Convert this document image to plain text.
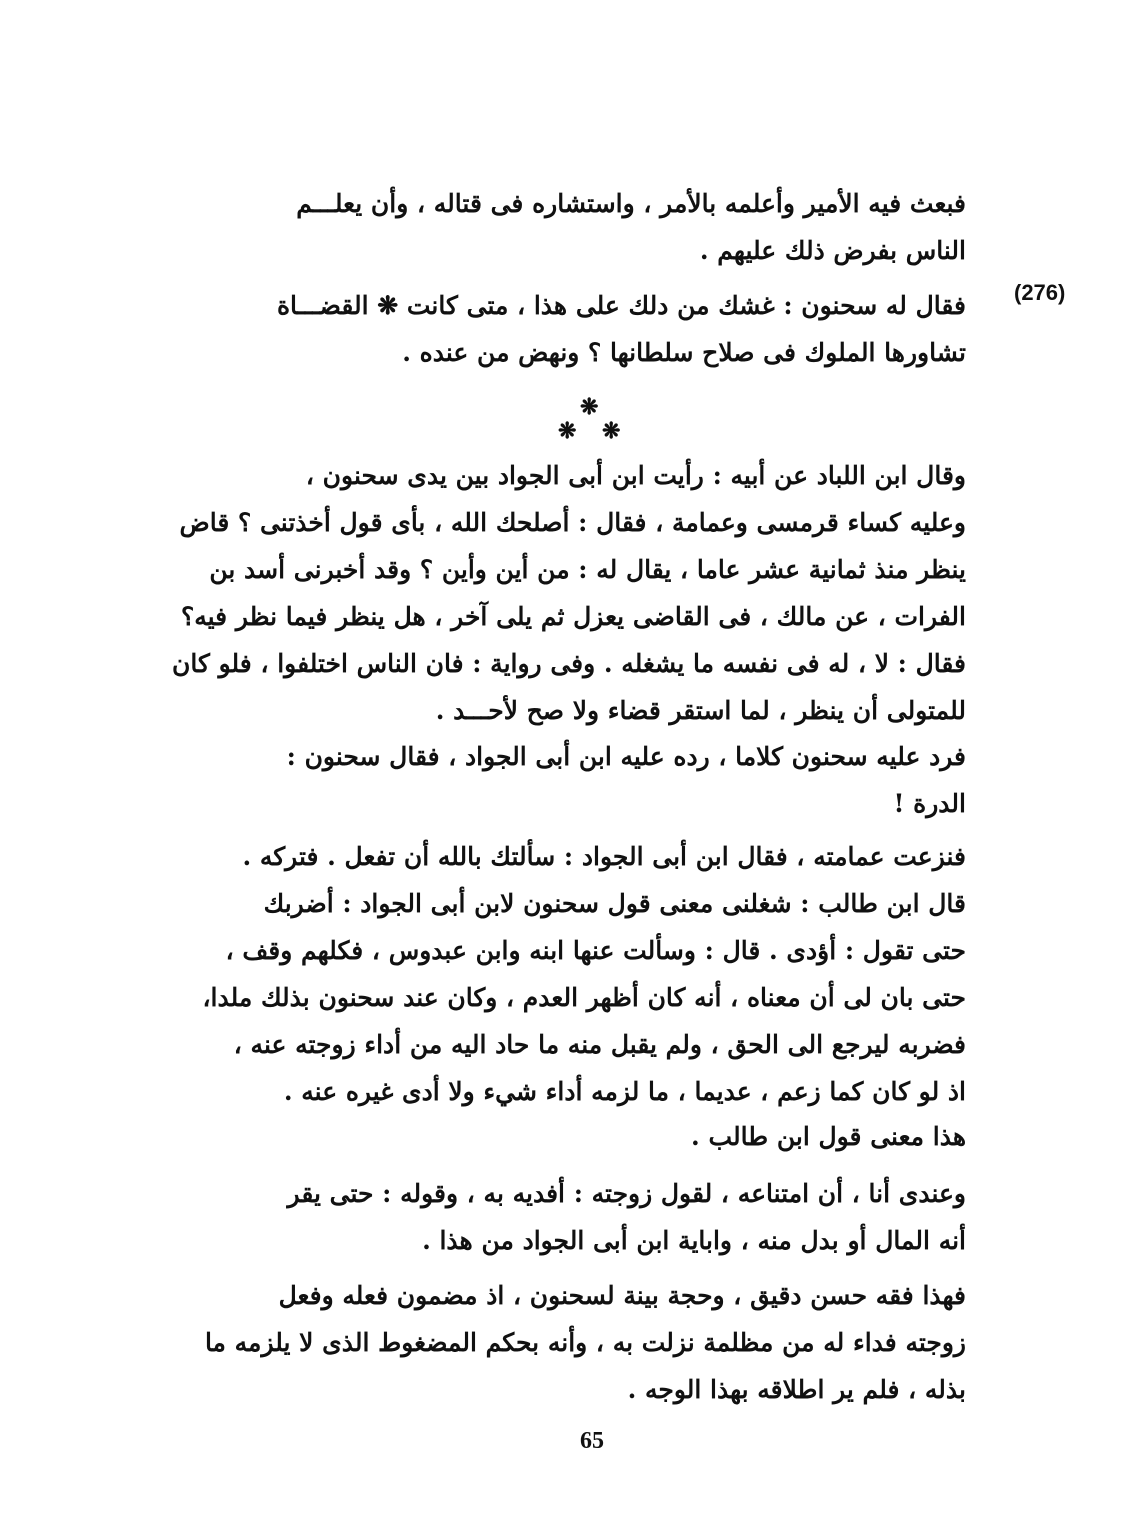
(276)
فبعث فيه الأمير وأعلمه بالأمر ، واستشاره فى قتاله ، وأن يعلـــم
الناس بفرض ذلك عليهم .
فقال له سحنون : غشك من دلك على هذا ، متى كانت ❋ القضـــاة
تشاورها الملوك فى صلاح سلطانها ؟ ونهض من عنده .
❋
❋ ❋
وقال ابن اللباد عن أبيه : رأيت ابن أبى الجواد بين يدى سحنون ،
وعليه كساء قرمسى وعمامة ، فقال : أصلحك الله ، بأى قول أخذتنى ؟ قاض
ينظر منذ ثمانية عشر عاما ، يقال له : من أين وأين ؟ وقد أخبرنى أسد بن
الفرات ، عن مالك ، فى القاضى يعزل ثم يلى آخر ، هل ينظر فيما نظر فيه؟
فقال : لا ، له فى نفسه ما يشغله . وفى رواية : فان الناس اختلفوا ، فلو كان
للمتولى أن ينظر ، لما استقر قضاء ولا صح لأحـــد .
فرد عليه سحنون كلاما ، رده عليه ابن أبى الجواد ، فقال سحنون :
الدرة !
فنزعت عمامته ، فقال ابن أبى الجواد : سألتك بالله أن تفعل . فتركه .
قال ابن طالب : شغلنى معنى قول سحنون لابن أبى الجواد : أضربك
حتى تقول : أؤدى . قال : وسألت عنها ابنه وابن عبدوس ، فكلهم وقف ،
حتى بان لى أن معناه ، أنه كان أظهر العدم ، وكان عند سحنون بذلك ملدا،
فضربه ليرجع الى الحق ، ولم يقبل منه ما حاد اليه من أداء زوجته عنه ،
اذ لو كان كما زعم ، عديما ، ما لزمه أداء شيء ولا أدى غيره عنه .
هذا معنى قول ابن طالب .
وعندى أنا ، أن امتناعه ، لقول زوجته : أفديه به ، وقوله : حتى يقر
أنه المال أو بدل منه ، واباية ابن أبى الجواد من هذا .
فهذا فقه حسن دقيق ، وحجة بينة لسحنون ، اذ مضمون فعله وفعل
زوجته فداء له من مظلمة نزلت به ، وأنه بحكم المضغوط الذى لا يلزمه ما
بذله ، فلم ير اطلاقه بهذا الوجه .
65
